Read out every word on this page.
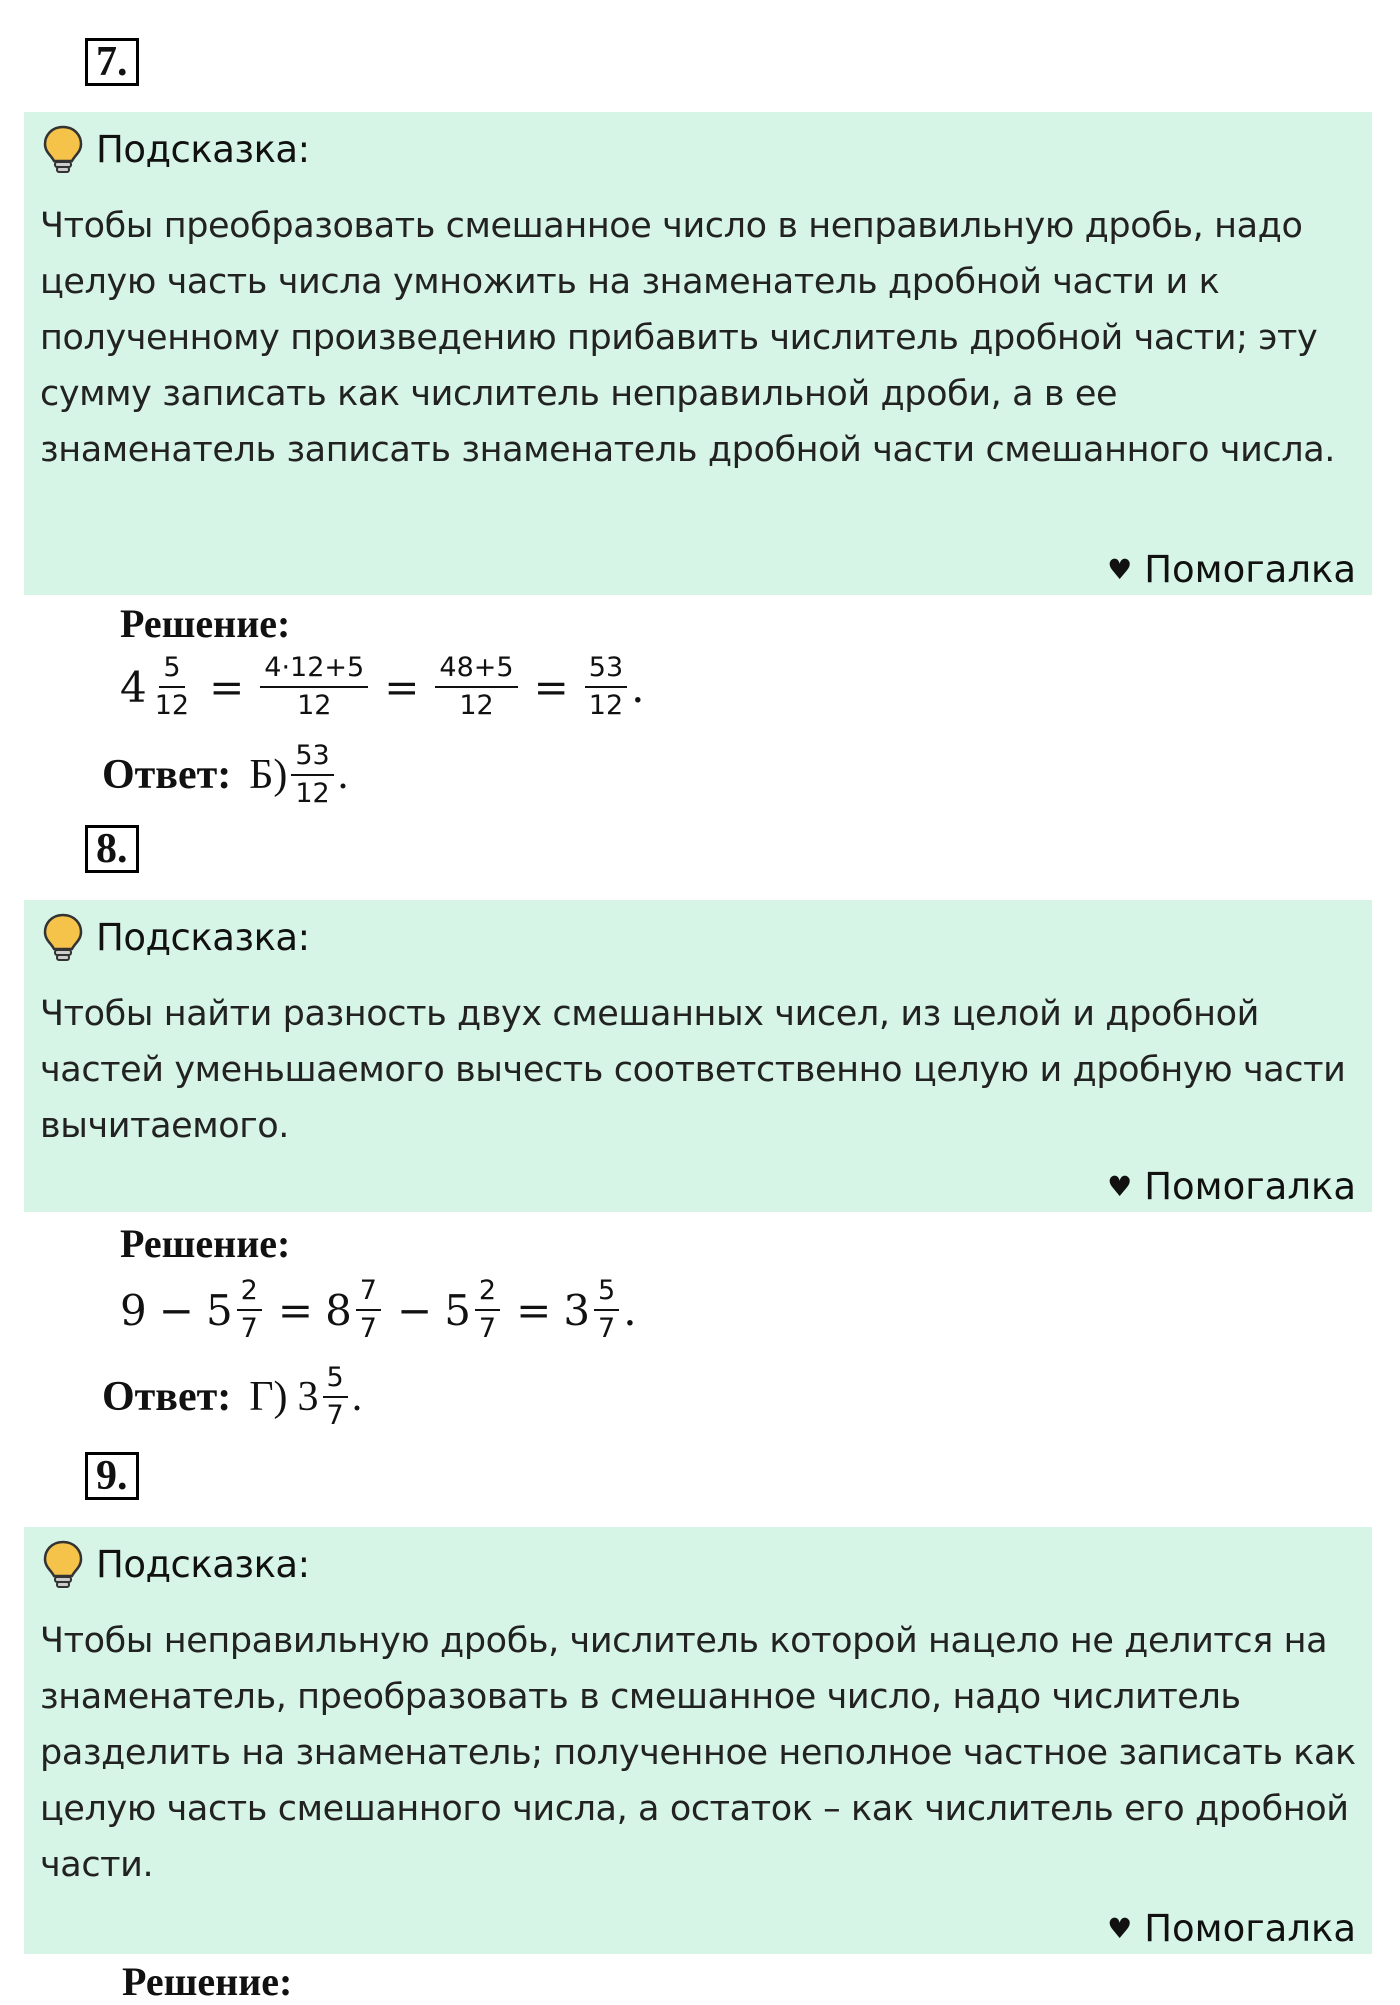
7.
Подсказка:
Чтобы преобразовать смешанное число в неправильную дробь, надо целую часть числа умножить на знаменатель дробной части и к полученному произведению прибавить числитель дробной части; эту сумму записать как числитель неправильной дроби, а в ее знаменатель записать знаменатель дробной части смешанного числа.
♥ Помогалка
Решение:
$4 \frac{5}{12} = \frac{4\cdot 12+5}{12} = \frac{48+5}{12} = \frac{53}{12}$ .
Ответ: $Б) \frac{53}{12}$ .
8.
Подсказка:
Чтобы найти разность двух смешанных чисел, из целой и дробной частей уменьшаемого вычесть соответственно целую и дробную части вычитаемого.
♥ Помогалка
Решение:
$9 - 5 \frac{2}{7} = 8 \frac{7}{7} - 5 \frac{2}{7} = 3 \frac{5}{7}$ .
Ответ: Г) $3 \frac{5}{7}$ .
9.
Подсказка:
Чтобы неправильную дробь, числитель которой нацело не делится на знаменатель, преобразовать в смешанное число, надо числитель разделить на знаменатель; полученное неполное частное записать как целую часть смешанного числа, а остаток – как числитель его дробной части.
♥ Помогалка
Решение:
